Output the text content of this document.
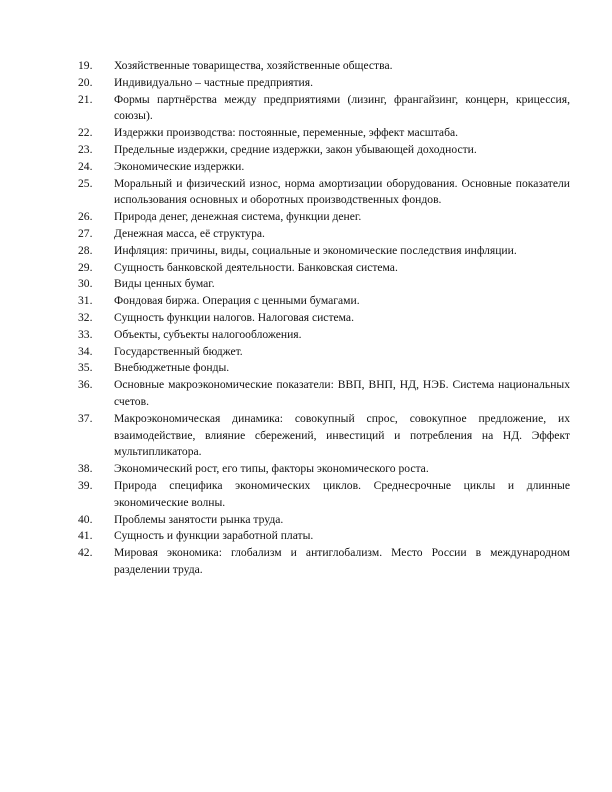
19.	Хозяйственные товарищества, хозяйственные общества.
20.	Индивидуально – частные предприятия.
21.	Формы партнёрства между предприятиями (лизинг, франгайзинг, концерн, крицессия, союзы).
22.	Издержки производства: постоянные, переменные, эффект масштаба.
23.	Предельные издержки, средние издержки, закон убывающей доходности.
24.	Экономические издержки.
25.	Моральный и физический износ, норма амортизации оборудования. Основные показатели использования основных и оборотных производственных фондов.
26.	Природа денег, денежная система, функции денег.
27.	Денежная масса, её структура.
28.	Инфляция: причины, виды, социальные и экономические последствия инфляции.
29.	Сущность банковской деятельности. Банковская система.
30.	Виды ценных бумаг.
31.	Фондовая биржа. Операция с ценными бумагами.
32.	Сущность функции налогов. Налоговая система.
33.	Объекты, субъекты налогообложения.
34.	Государственный бюджет.
35.	Внебюджетные фонды.
36.	Основные макроэкономические показатели: ВВП, ВНП, НД, НЭБ. Система национальных счетов.
37.	Макроэкономическая динамика: совокупный спрос, совокупное предложение, их взаимодействие, влияние сбережений, инвестиций и потребления на НД. Эффект мультипликатора.
38.	Экономический рост, его типы, факторы экономического роста.
39.	Природа специфика экономических циклов. Среднесрочные циклы и длинные экономические волны.
40.	Проблемы занятости рынка труда.
41.	Сущность и функции заработной платы.
42.	Мировая экономика: глобализм и антиглобализм. Место России в международном разделении труда.
